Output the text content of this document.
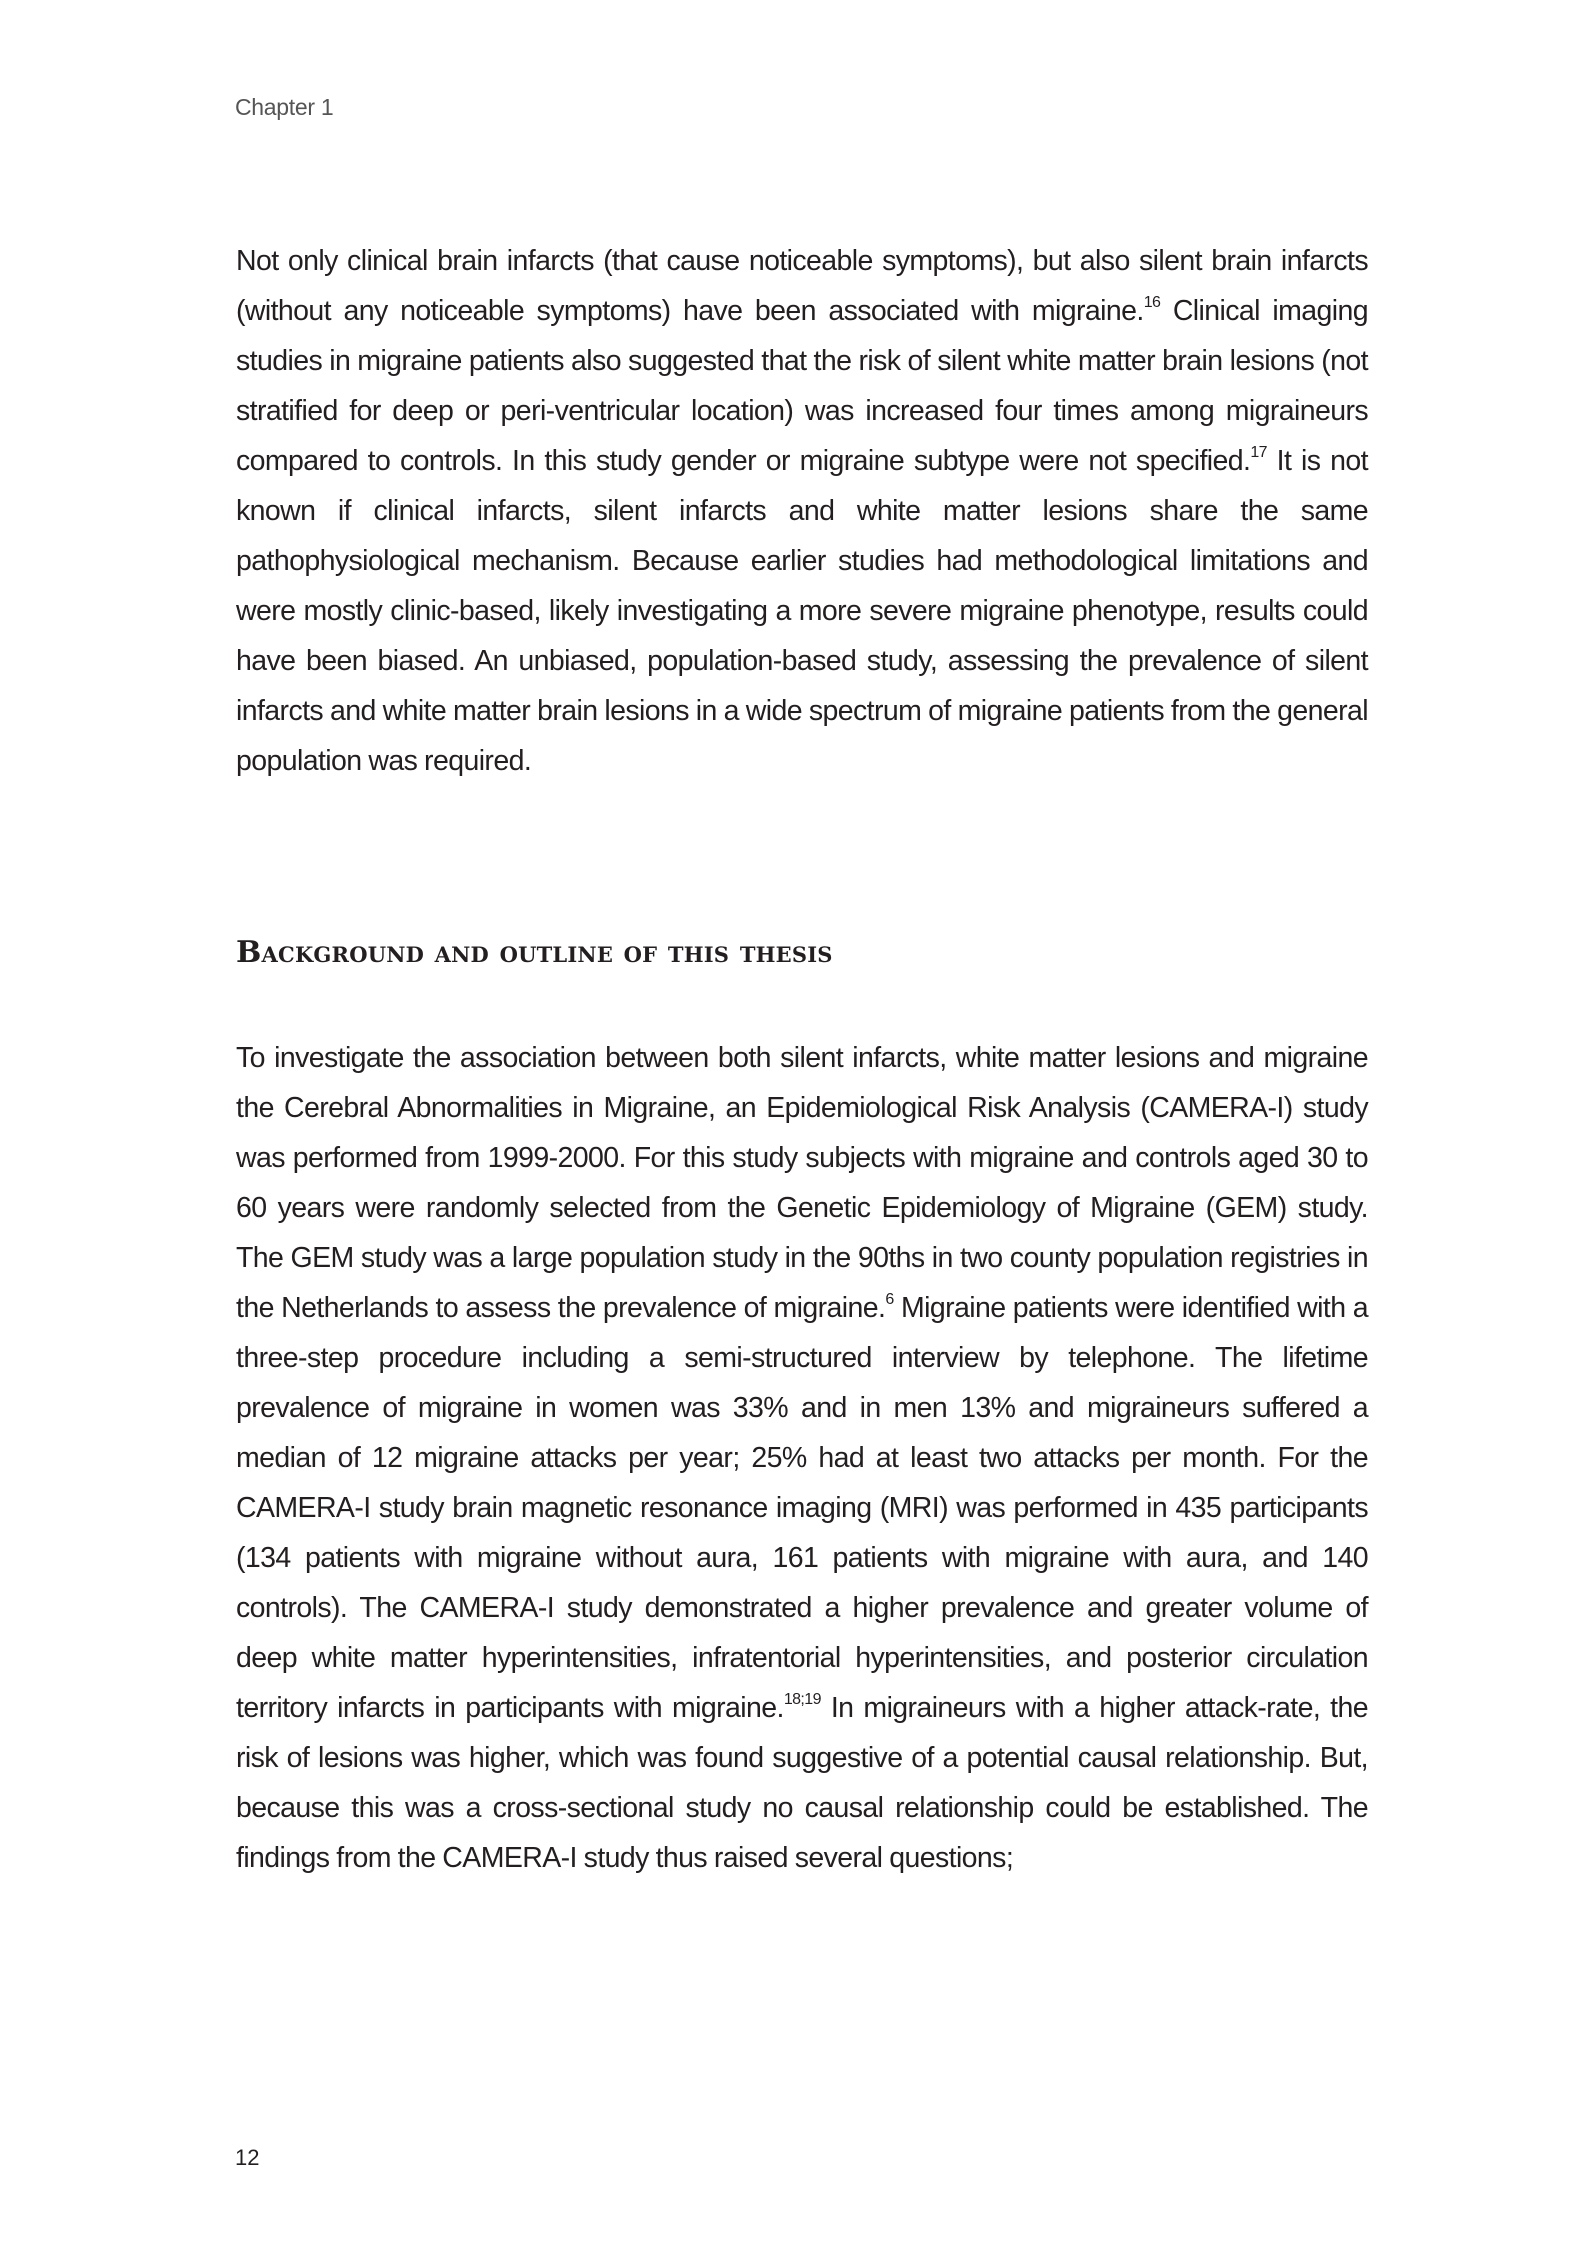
Chapter 1

Not only clinical brain infarcts (that cause noticeable symptoms), but also silent brain infarcts (without any noticeable symptoms) have been associated with migraine.$^{16}$ Clinical imaging studies in migraine patients also suggested that the risk of silent white matter brain lesions (not stratified for deep or peri-ventricular location) was increased four times among migraineurs compared to controls. In this study gender or migraine subtype were not specified.$^{17}$ It is not known if clinical infarcts, silent infarcts and white matter lesions share the same pathophysiological mechanism. Because earlier studies had methodological limitations and were mostly clinic-based, likely investigating a more severe migraine phenotype, results could have been biased. An unbiased, population-based study, assessing the prevalence of silent infarcts and white matter brain lesions in a wide spectrum of migraine patients from the general population was required.

Background and outline of this thesis

To investigate the association between both silent infarcts, white matter lesions and migraine the Cerebral Abnormalities in Migraine, an Epidemiological Risk Analysis (CAMERA-I) study was performed from 1999-2000. For this study subjects with migraine and controls aged 30 to 60 years were randomly selected from the Genetic Epidemiology of Migraine (GEM) study. The GEM study was a large population study in the 90ths in two county population registries in the Netherlands to assess the prevalence of migraine.$^6$ Migraine patients were identified with a three-step procedure including a semi-structured interview by telephone. The lifetime prevalence of migraine in women was 33% and in men 13% and migraineurs suffered a median of 12 migraine attacks per year; 25% had at least two attacks per month. For the CAMERA-I study brain magnetic resonance imaging (MRI) was performed in 435 participants (134 patients with migraine without aura, 161 patients with migraine with aura, and 140 controls). The CAMERA-I study demonstrated a higher prevalence and greater volume of deep white matter hyperintensities, infratentorial hyperintensities, and posterior circulation territory infarcts in participants with migraine.$^{18;19}$ In migraineurs with a higher attack-rate, the risk of lesions was higher, which was found suggestive of a potential causal relationship. But, because this was a cross-sectional study no causal relationship could be established. The findings from the CAMERA-I study thus raised several questions;

12
